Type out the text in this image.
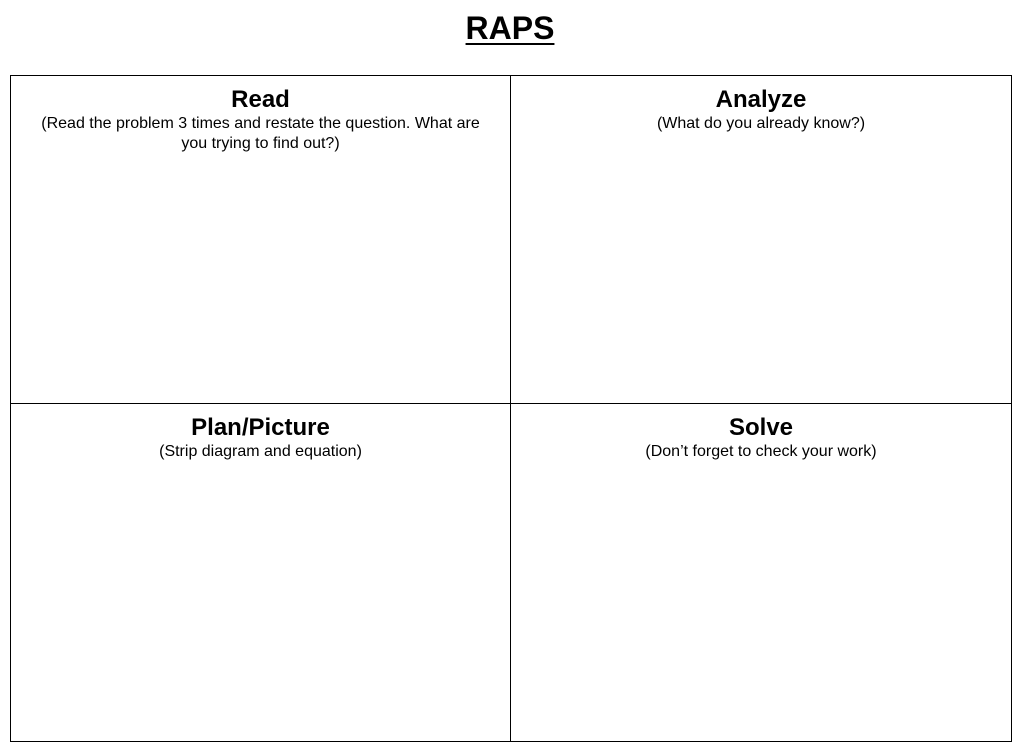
RAPS
Read
(Read the problem 3 times and restate the question. What are you trying to find out?)
Analyze
(What do you already know?)
Plan/Picture
(Strip diagram and equation)
Solve
(Don’t forget to check your work)
